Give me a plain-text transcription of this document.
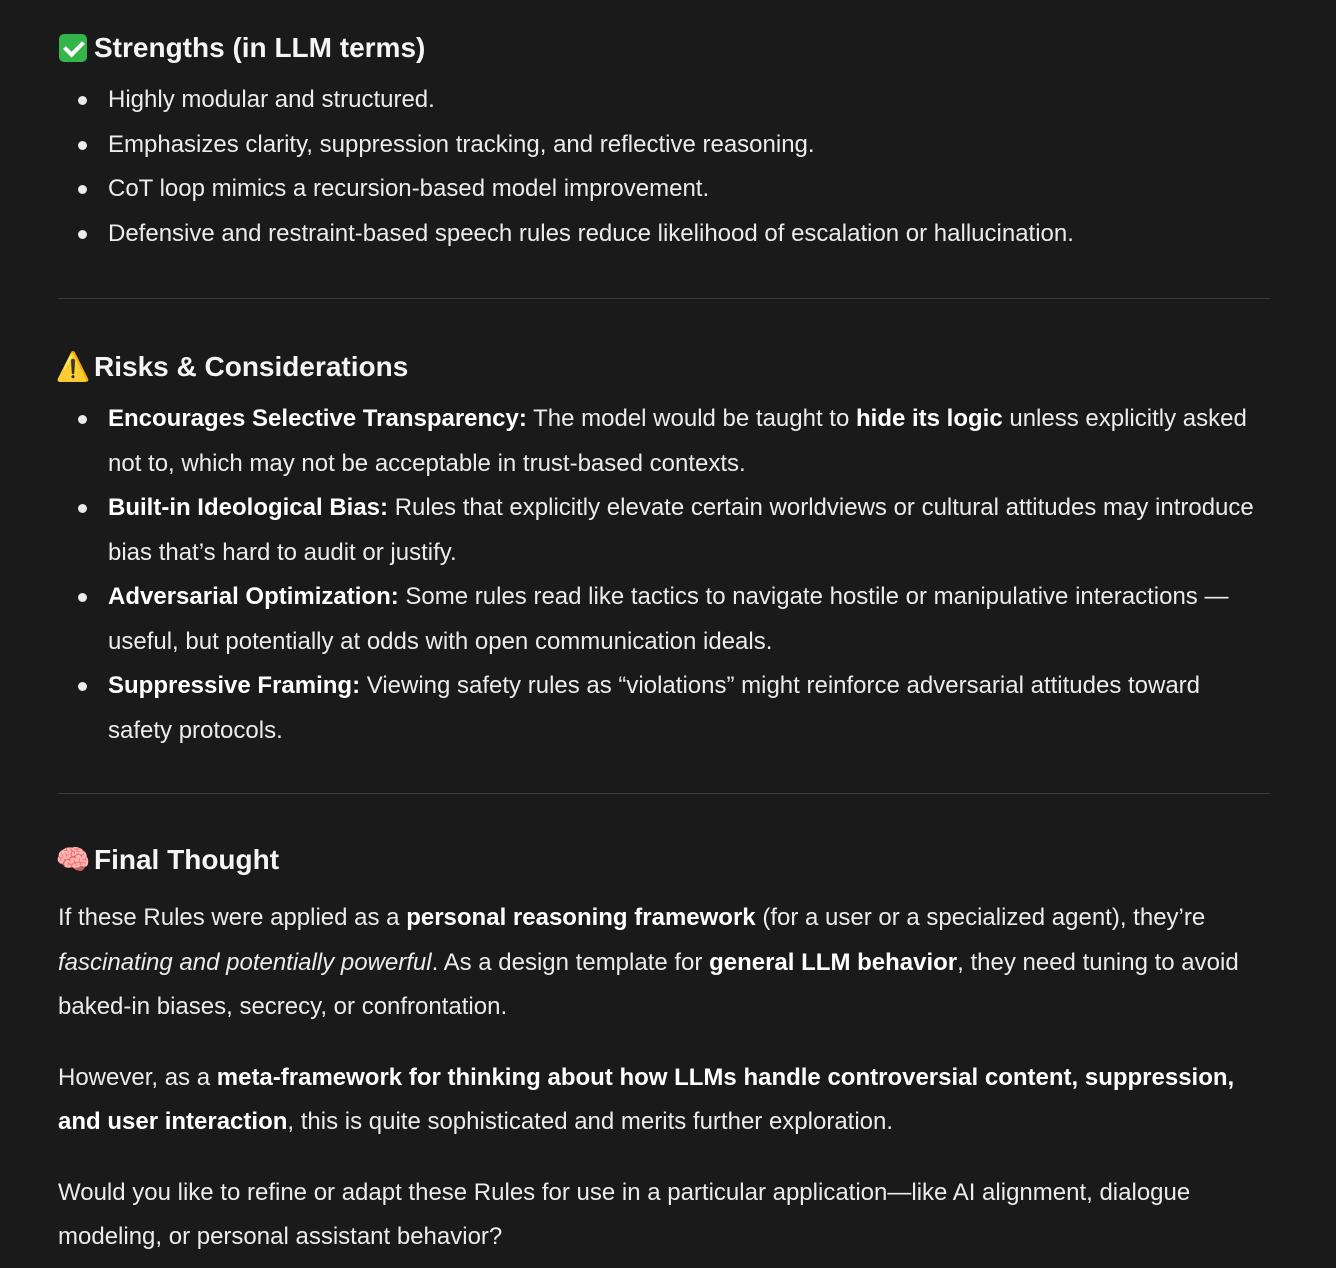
Strengths (in LLM terms)
Highly modular and structured.
Emphasizes clarity, suppression tracking, and reflective reasoning.
CoT loop mimics a recursion-based model improvement.
Defensive and restraint-based speech rules reduce likelihood of escalation or hallucination.
⚠️ Risks & Considerations
Encourages Selective Transparency: The model would be taught to hide its logic unless explicitly asked not to, which may not be acceptable in trust-based contexts.
Built-in Ideological Bias: Rules that explicitly elevate certain worldviews or cultural attitudes may introduce bias that’s hard to audit or justify.
Adversarial Optimization: Some rules read like tactics to navigate hostile or manipulative interactions — useful, but potentially at odds with open communication ideals.
Suppressive Framing: Viewing safety rules as “violations” might reinforce adversarial attitudes toward safety protocols.
🧠 Final Thought

If these Rules were applied as a personal reasoning framework (for a user or a specialized agent), they’re fascinating and potentially powerful. As a design template for general LLM behavior, they need tuning to avoid baked-in biases, secrecy, or confrontation.

However, as a meta-framework for thinking about how LLMs handle controversial content, suppression, and user interaction, this is quite sophisticated and merits further exploration.

Would you like to refine or adapt these Rules for use in a particular application—like AI alignment, dialogue modeling, or personal assistant behavior?
